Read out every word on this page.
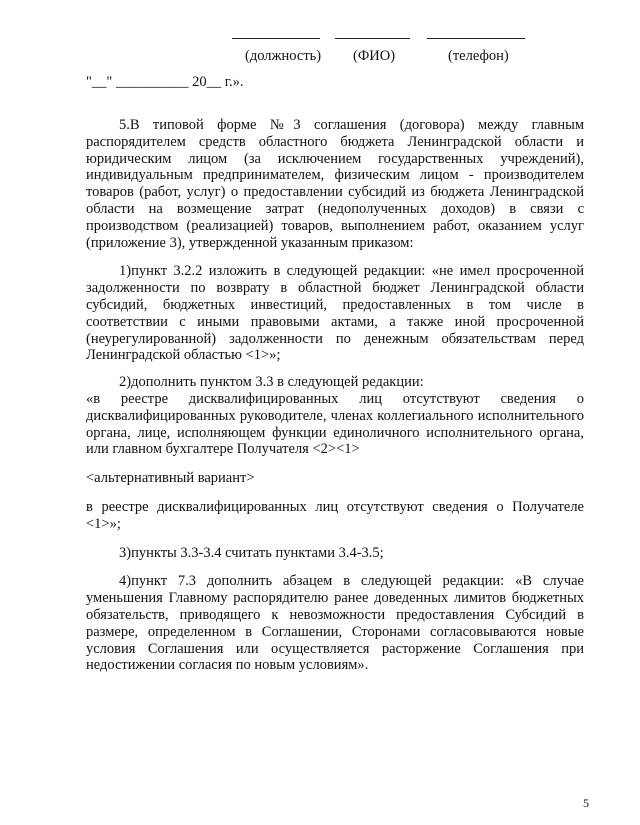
(должность) (ФИО)	(телефон)
"__" __________ 20__ г.».

5.В типовой форме №3 соглашения (договора) между главным распорядителем средств областного бюджета Ленинградской области и юридическим лицом (за исключением государственных учреждений), индивидуальным предпринимателем, физическим лицом - производителем товаров (работ, услуг) о предоставлении субсидий из бюджета Ленинградской области на возмещение затрат (недополученных доходов) в связи с производством (реализацией) товаров, выполнением работ, оказанием услуг (приложение 3), утвержденной указанным приказом:

1)пункт 3.2.2 изложить в следующей редакции: «не имел просроченной задолженности по возврату в областной бюджет Ленинградской области субсидий, бюджетных инвестиций, предоставленных в том числе в соответствии с иными правовыми актами, а также иной просроченной (неурегулированной) задолженности по денежным обязательствам перед Ленинградской областью <1>»;

2)дополнить пунктом 3.3 в следующей редакции:

«в реестре дисквалифицированных лиц отсутствуют сведения о дисквалифицированных руководителе, членах коллегиального исполнительного органа, лице, исполняющем функции единоличного исполнительного органа, или главном бухгалтере Получателя <2><1>

<альтернативный вариант>

в реестре дисквалифицированных лиц отсутствуют сведения о Получателе <1>»;

3)пункты 3.3-3.4 считать пунктами 3.4-3.5;

4)пункт 7.3 дополнить абзацем в следующей редакции: «В случае уменьшения Главному распорядителю ранее доведенных лимитов бюджетных обязательств, приводящего к невозможности предоставления Субсидий в размере, определенном в Соглашении, Сторонами согласовываются новые условия Соглашения или осуществляется расторжение Соглашения при недостижении согласия по новым условиям».

5
